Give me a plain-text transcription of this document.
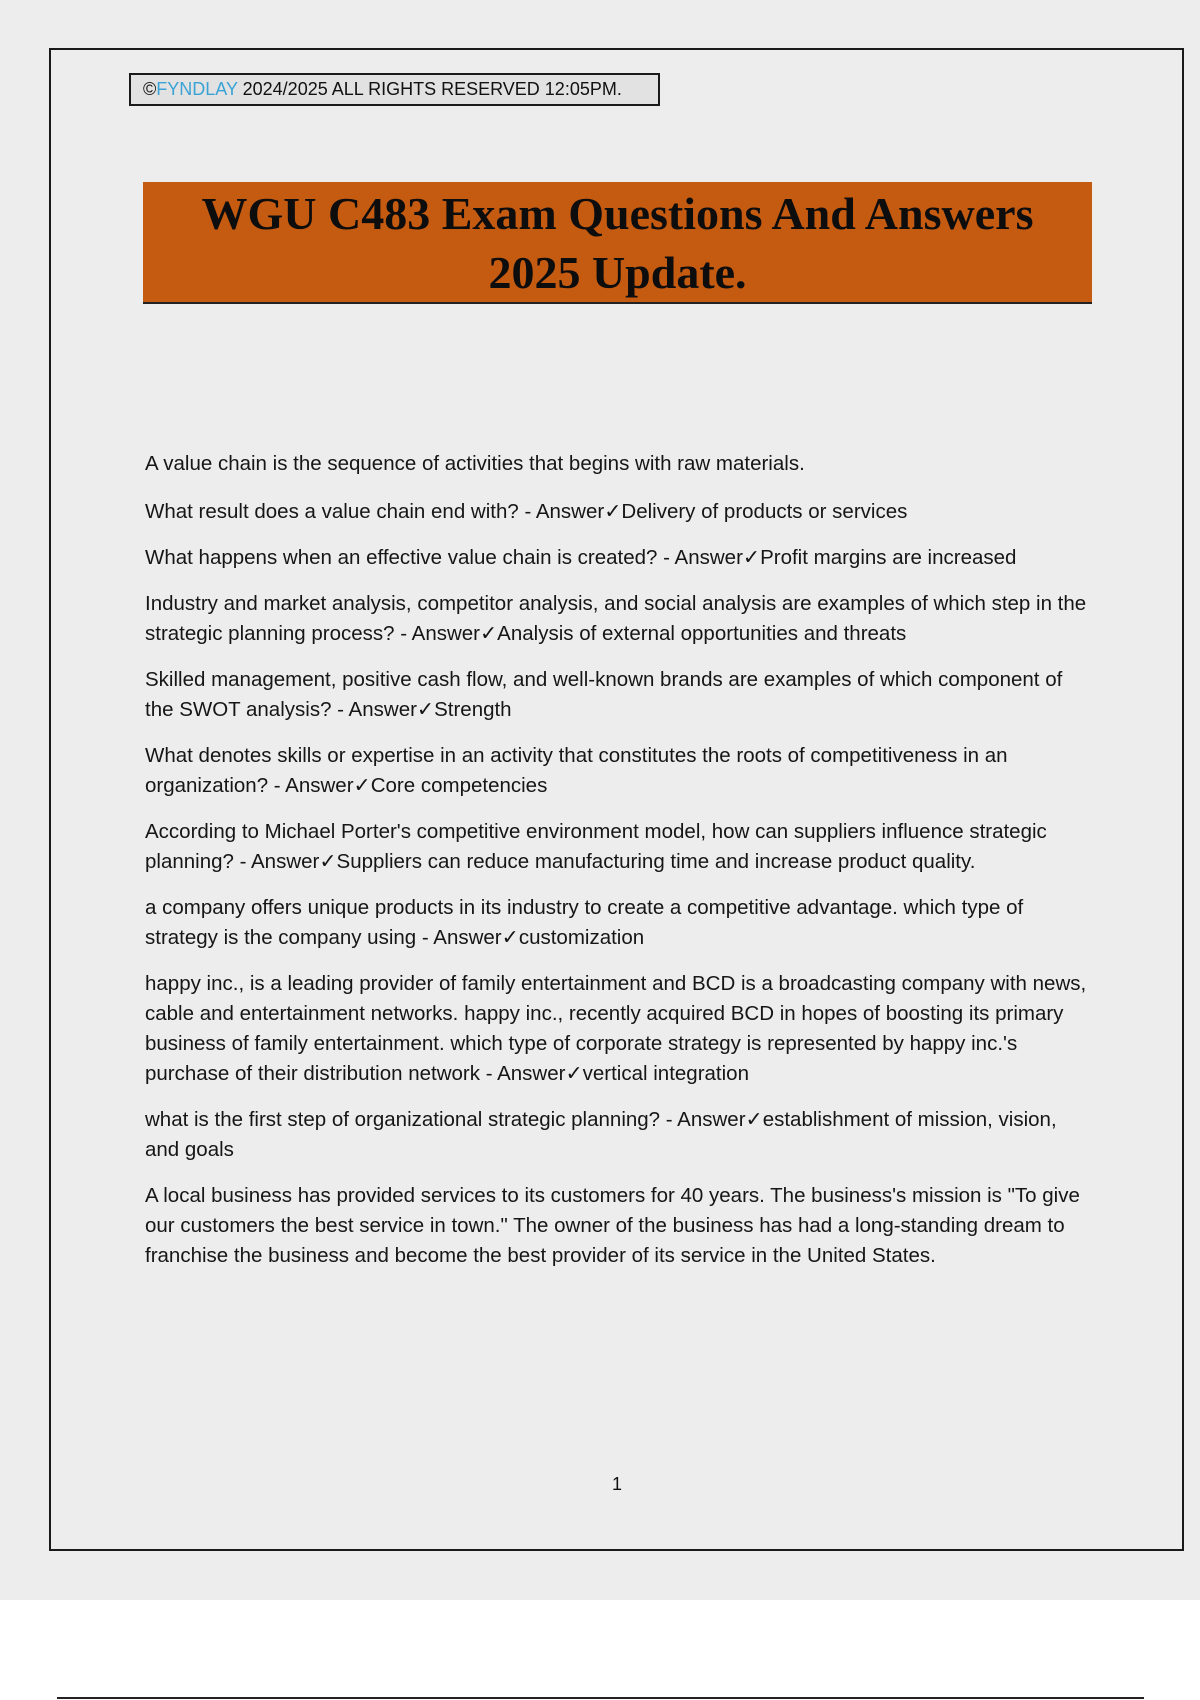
©FYNDLAY 2024/2025 ALL RIGHTS RESERVED 12:05PM.
WGU C483 Exam Questions And Answers
2025 Update.

A value chain is the sequence of activities that begins with raw materials.

What result does a value chain end with? - Answer✓Delivery of products or services

What happens when an effective value chain is created? - Answer✓Profit margins are increased

Industry and market analysis, competitor analysis, and social analysis are examples of which step in the strategic planning process? - Answer✓Analysis of external opportunities and threats

Skilled management, positive cash flow, and well-known brands are examples of which component of the SWOT analysis? - Answer✓Strength

What denotes skills or expertise in an activity that constitutes the roots of competitiveness in an organization? - Answer✓Core competencies

According to Michael Porter's competitive environment model, how can suppliers influence strategic planning? - Answer✓Suppliers can reduce manufacturing time and increase product quality.

a company offers unique products in its industry to create a competitive advantage. which type of strategy is the company using - Answer✓customization

happy inc., is a leading provider of family entertainment and BCD is a broadcasting company with news, cable and entertainment networks. happy inc., recently acquired BCD in hopes of boosting its primary business of family entertainment. which type of corporate strategy is represented by happy inc.'s purchase of their distribution network - Answer✓vertical integration

what is the first step of organizational strategic planning? - Answer✓establishment of mission, vision, and goals

A local business has provided services to its customers for 40 years. The business's mission is "To give our customers the best service in town." The owner of the business has had a long-standing dream to franchise the business and become the best provider of its service in the United States.

1
